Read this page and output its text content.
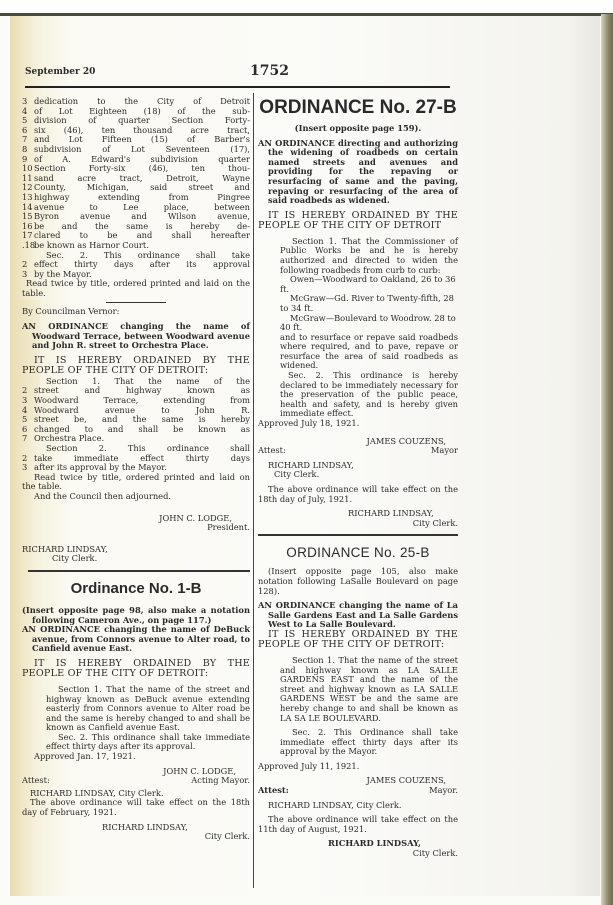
September 20	1752
3 dedication to the City of Detroit
4 of Lot Eighteen (18) of the sub-
5 division of quarter Section Forty-
6 six (46), ten thousand acre tract,
7 and Lot Fifteen (15) of Barber's
8 subdivision of Lot Seventeen (17),
9 of A. Edward's subdivision quarter
10 Section Forty-six (46), ten thou-
11 sand acre tract, Detroit, Wayne
12 County, Michigan, said street and
13 highway extending from Pingree
14 avenue to Lee place, between
15 Byron avenue and Wilson avenue,
16 be and the same is hereby de-
17 clared to be and shall hereafter
.18
be known as Harnor Court.
Sec. 2. This ordinance shall take
2 effect thirty days after its approval
3 by the Mayor.
Read twice by title, ordered printed and laid on the table.
By Councilman Vernor:
AN ORDINANCE changing the name of Woodward Terrace, between Woodward avenue and John R. street to Orchestra Place.
IT IS HEREBY ORDAINED BY THE PEOPLE OF THE CITY OF DETROIT:
Section 1. That the name of the
2 street and highway known as
3 Woodward Terrace, extending from
4 Woodward avenue to John R.
5 street be, and the same is hereby
6 changed to and shall be known as
7 Orchestra Place.
Section 2. This ordinance shall
2 take immediate effect thirty days
3 after its approval by the Mayor.
Read twice by title, ordered printed and laid on the table.
And the Council then adjourned.
JOHN C. LODGE,
President.
RICHARD LINDSAY,
City Clerk.
Ordinance No. 1-B
(Insert opposite page 98, also make a notation following Cameron Ave., on page 117.)
AN ORDINANCE changing the name of DeBuck avenue, from Connors avenue to Alter road, to Canfield avenue East.
IT IS HEREBY ORDAINED BY THE PEOPLE OF THE CITY OF DETROIT:
Section 1. That the name of the street and highway known as DeBuck avenue extending easterly from Connors avenue to Alter road be and the same is hereby changed to and shall be known as Canfield avenue East.
Sec. 2. This ordinance shall take immediate effect thirty days after its approval.
Approved Jan. 17, 1921.
JOHN C. LODGE,
Attest:	Acting Mayor.
RICHARD LINDSAY, City Clerk.
The above ordinance will take effect on the 18th day of February, 1921.
RICHARD LINDSAY,
City Clerk.
ORDINANCE No. 27-B
(Insert opposite page 159).
AN ORDINANCE directing and authorizing the widening of roadbeds on certain named streets and avenues and providing for the repaving or resurfacing of same and the paving, repaving or resurfacing of the area of said roadbeds as widened.
IT IS HEREBY ORDAINED BY THE PEOPLE OF THE CITY OF DETROIT
Section 1. That the Commissioner of Public Works be and he is hereby authorized and directed to widen the following roadbeds from curb to curb:
Owen—Woodward to Oakland, 26 to 36 ft.
McGraw—Gd. River to Twenty-fifth, 28 to 34 ft.
McGraw—Boulevard to Woodrow. 28 to 40 ft.
and to resurface or repave said roadbeds where required, and to pave, repave or resurface the area of said roadbeds as widened.
Sec. 2. This ordinance is hereby declared to be immediately necessary for the preservation of the public peace, health and safety, and is hereby given immediate effect.
Approved July 18, 1921.
JAMES COUZENS,
Attest:	Mayor
RICHARD LINDSAY,
City Clerk.
The above ordinance will take effect on the 18th day of July, 1921.
RICHARD LINDSAY,
City Clerk.
ORDINANCE No. 25-B
(Insert opposite page 105, also make notation following LaSalle Boulevard on page 128).
AN ORDINANCE changing the name of La Salle Gardens East and La Salle Gardens West to La Salle Boulevard.
IT IS HEREBY ORDAINED BY THE PEOPLE OF THE CITY OF DETROIT:
Section 1. That the name of the street and highway known as LA SALLE GARDENS EAST and the name of the street and highway known as LA SALLE GARDENS WEST be and the same are hereby change to and shall be known as LA SA LE BOULEVARD.
Sec. 2. This Ordinance shall take immediate effect thirty days after its approval by the Mayor.
Approved July 11, 1921.
JAMES COUZENS,
Attest:	Mayor.
RICHARD LINDSAY, City Clerk.
The above ordinance will take effect on the 11th day of August, 1921.
RICHARD LINDSAY,
City Clerk.
